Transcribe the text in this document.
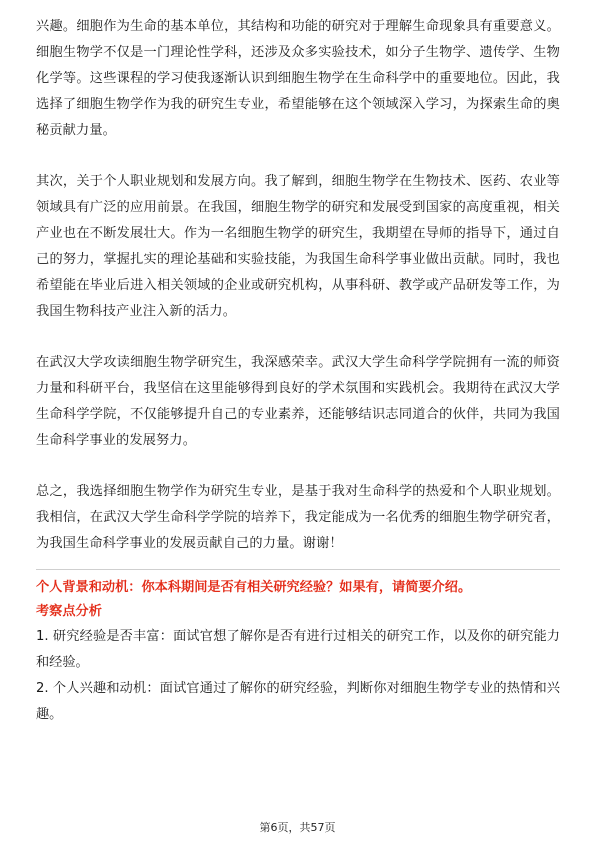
兴趣。细胞作为生命的基本单位，其结构和功能的研究对于理解生命现象具有重要意义。细胞生物学不仅是一门理论性学科，还涉及众多实验技术，如分子生物学、遗传学、生物化学等。这些课程的学习使我逐渐认识到细胞生物学在生命科学中的重要地位。因此，我选择了细胞生物学作为我的研究生专业，希望能够在这个领域深入学习，为探索生命的奥秘贡献力量。

其次，关于个人职业规划和发展方向。我了解到，细胞生物学在生物技术、医药、农业等领域具有广泛的应用前景。在我国，细胞生物学的研究和发展受到国家的高度重视，相关产业也在不断发展壮大。作为一名细胞生物学的研究生，我期望在导师的指导下，通过自己的努力，掌握扎实的理论基础和实验技能，为我国生命科学事业做出贡献。同时，我也希望能在毕业后进入相关领域的企业或研究机构，从事科研、教学或产品研发等工作，为我国生物科技产业注入新的活力。

在武汉大学攻读细胞生物学研究生，我深感荣幸。武汉大学生命科学学院拥有一流的师资力量和科研平台，我坚信在这里能够得到良好的学术氛围和实践机会。我期待在武汉大学生命科学学院，不仅能够提升自己的专业素养，还能够结识志同道合的伙伴，共同为我国生命科学事业的发展努力。

总之，我选择细胞生物学作为研究生专业，是基于我对生命科学的热爱和个人职业规划。我相信，在武汉大学生命科学学院的培养下，我定能成为一名优秀的细胞生物学研究者，为我国生命科学事业的发展贡献自己的力量。谢谢！

个人背景和动机：你本科期间是否有相关研究经验？如果有，请简要介绍。

考察点分析

1. 研究经验是否丰富：面试官想了解你是否有进行过相关的研究工作，以及你的研究能力和经验。

2. 个人兴趣和动机：面试官通过了解你的研究经验，判断你对细胞生物学专业的热情和兴趣。

第6页，共57页
